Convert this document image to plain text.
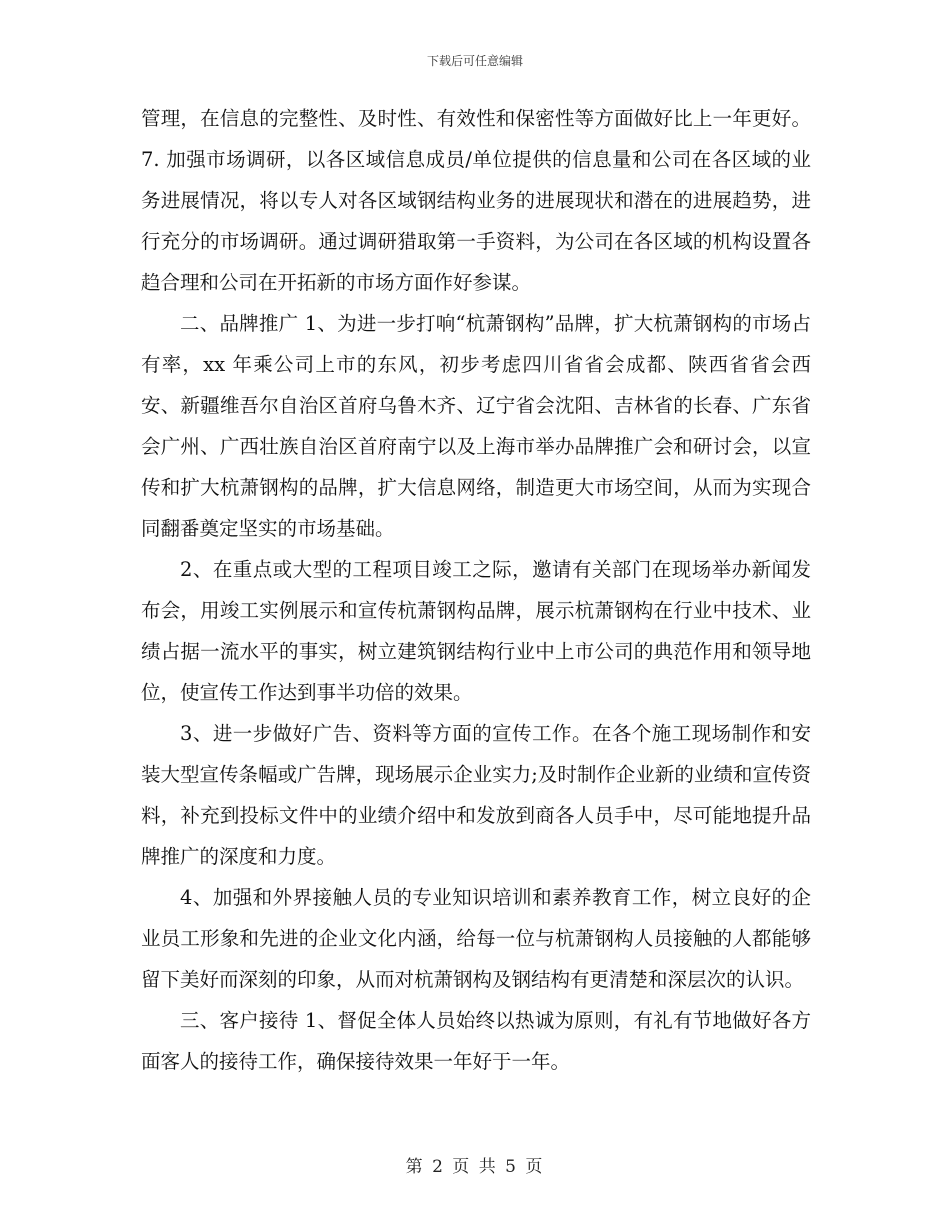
下载后可任意编辑

管理，在信息的完整性、及时性、有效性和保密性等方面做好比上一年更好。7. 加强市场调研，以各区域信息成员/单位提供的信息量和公司在各区域的业务进展情况，将以专人对各区域钢结构业务的进展现状和潜在的进展趋势，进行充分的市场调研。通过调研猎取第一手资料，为公司在各区域的机构设置各趋合理和公司在开拓新的市场方面作好参谋。

二、品牌推广 1、为进一步打响“杭萧钢构”品牌，扩大杭萧钢构的市场占有率，xx 年乘公司上市的东风，初步考虑四川省省会成都、陕西省省会西安、新疆维吾尔自治区首府乌鲁木齐、辽宁省会沈阳、吉林省的长春、广东省会广州、广西壮族自治区首府南宁以及上海市举办品牌推广会和研讨会，以宣传和扩大杭萧钢构的品牌，扩大信息网络，制造更大市场空间，从而为实现合同翻番奠定坚实的市场基础。

2、在重点或大型的工程项目竣工之际，邀请有关部门在现场举办新闻发布会，用竣工实例展示和宣传杭萧钢构品牌，展示杭萧钢构在行业中技术、业绩占据一流水平的事实，树立建筑钢结构行业中上市公司的典范作用和领导地位，使宣传工作达到事半功倍的效果。

3、进一步做好广告、资料等方面的宣传工作。在各个施工现场制作和安装大型宣传条幅或广告牌，现场展示企业实力;及时制作企业新的业绩和宣传资料，补充到投标文件中的业绩介绍中和发放到商各人员手中，尽可能地提升品牌推广的深度和力度。

4、加强和外界接触人员的专业知识培训和素养教育工作，树立良好的企业员工形象和先进的企业文化内涵，给每一位与杭萧钢构人员接触的人都能够留下美好而深刻的印象，从而对杭萧钢构及钢结构有更清楚和深层次的认识。

三、客户接待 1、督促全体人员始终以热诚为原则，有礼有节地做好各方面客人的接待工作，确保接待效果一年好于一年。

第 2 页 共 5 页
